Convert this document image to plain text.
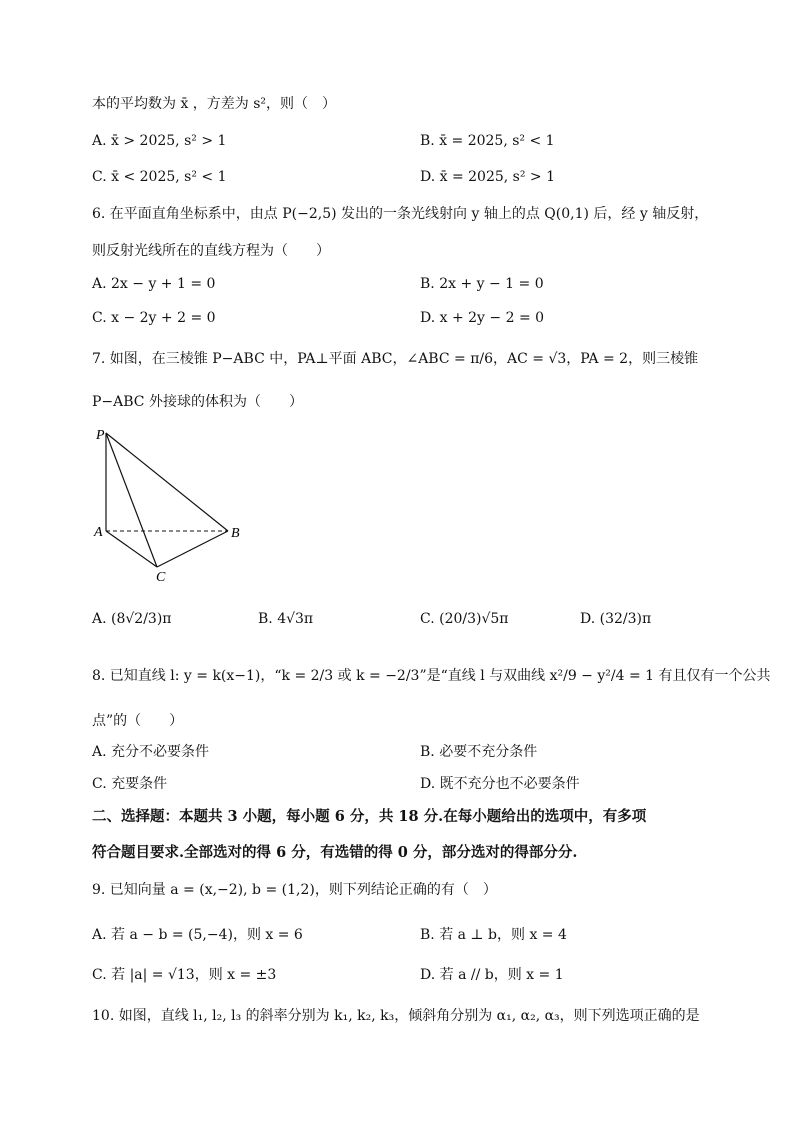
本的平均数为 x̄ ，方差为 s²，则（　）
A. x̄ > 2025, s² > 1	B. x̄ = 2025, s² < 1
C. x̄ < 2025, s² < 1	D. x̄ = 2025, s² > 1
6. 在平面直角坐标系中，由点 P(−2,5) 发出的一条光线射向 y 轴上的点 Q(0,1) 后，经 y 轴反射，
则反射光线所在的直线方程为（　　）
A. 2x − y + 1 = 0	B. 2x + y − 1 = 0
C. x − 2y + 2 = 0	D. x + 2y − 2 = 0
7. 如图，在三棱锥 P−ABC 中，PA⊥平面 ABC，∠ABC = π/6，AC = √3，PA = 2，则三棱锥
P−ABC 外接球的体积为（　　）
P
A	B
C
A. (8√2/3)π	B. 4√3π	C. (20/3)√5π	D. (32/3)π
8. 已知直线 l: y = k(x−1)，“k = 2/3 或 k = −2/3”是“直线 l 与双曲线 x²/9 − y²/4 = 1 有且仅有一个公共
点”的（　　）
A. 充分不必要条件	B. 必要不充分条件
C. 充要条件	D. 既不充分也不必要条件
二、选择题：本题共 3 小题，每小题 6 分，共 18 分.在每小题给出的选项中，有多项
符合题目要求.全部选对的得 6 分，有选错的得 0 分，部分选对的得部分分.
9. 已知向量 a = (x,−2), b = (1,2)，则下列结论正确的有（　）
A. 若 a − b = (5,−4)，则 x = 6	B. 若 a ⊥ b，则 x = 4
C. 若 |a| = √13，则 x = ±3	D. 若 a // b，则 x = 1
10. 如图，直线 l₁, l₂, l₃ 的斜率分别为 k₁, k₂, k₃，倾斜角分别为 α₁, α₂, α₃，则下列选项正确的是
